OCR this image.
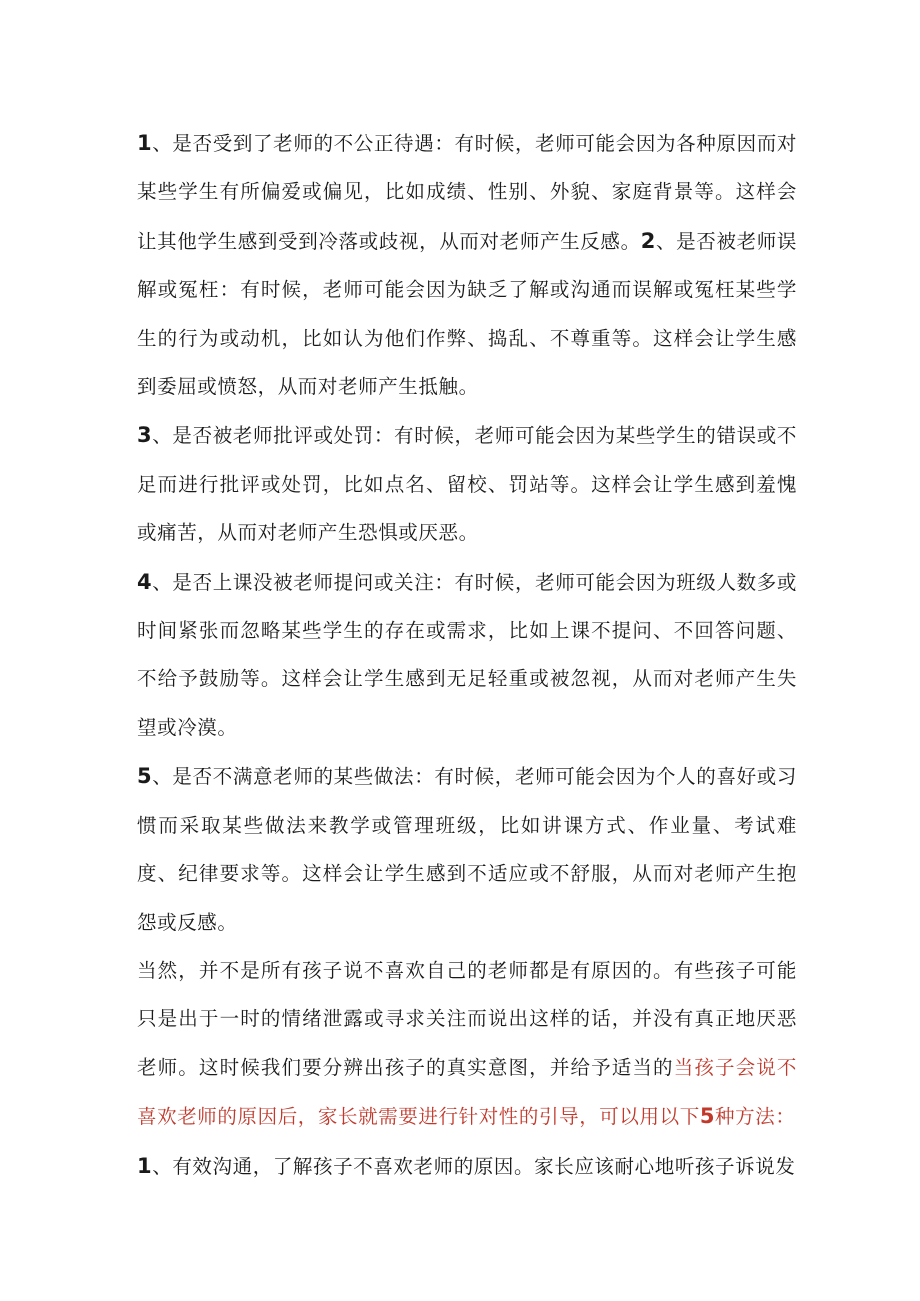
1、是否受到了老师的不公正待遇：有时候，老师可能会因为各种原因而对某些学生有所偏爱或偏见，比如成绩、性别、外貌、家庭背景等。这样会让其他学生感到受到冷落或歧视，从而对老师产生反感。2、是否被老师误解或冤枉：有时候，老师可能会因为缺乏了解或沟通而误解或冤枉某些学生的行为或动机，比如认为他们作弊、捣乱、不尊重等。这样会让学生感到委屈或愤怒，从而对老师产生抵触。

3、是否被老师批评或处罚：有时候，老师可能会因为某些学生的错误或不足而进行批评或处罚，比如点名、留校、罚站等。这样会让学生感到羞愧或痛苦，从而对老师产生恐惧或厌恶。

4、是否上课没被老师提问或关注：有时候，老师可能会因为班级人数多或时间紧张而忽略某些学生的存在或需求，比如上课不提问、不回答问题、不给予鼓励等。这样会让学生感到无足轻重或被忽视，从而对老师产生失望或冷漠。

5、是否不满意老师的某些做法：有时候，老师可能会因为个人的喜好或习惯而采取某些做法来教学或管理班级，比如讲课方式、作业量、考试难度、纪律要求等。这样会让学生感到不适应或不舒服，从而对老师产生抱怨或反感。

当然，并不是所有孩子说不喜欢自己的老师都是有原因的。有些孩子可能只是出于一时的情绪泄露或寻求关注而说出这样的话，并没有真正地厌恶老师。这时候我们要分辨出孩子的真实意图，并给予适当的当孩子会说不喜欢老师的原因后，家长就需要进行针对性的引导，可以用以下5种方法：

1、有效沟通，了解孩子不喜欢老师的原因。家长应该耐心地听孩子诉说发
